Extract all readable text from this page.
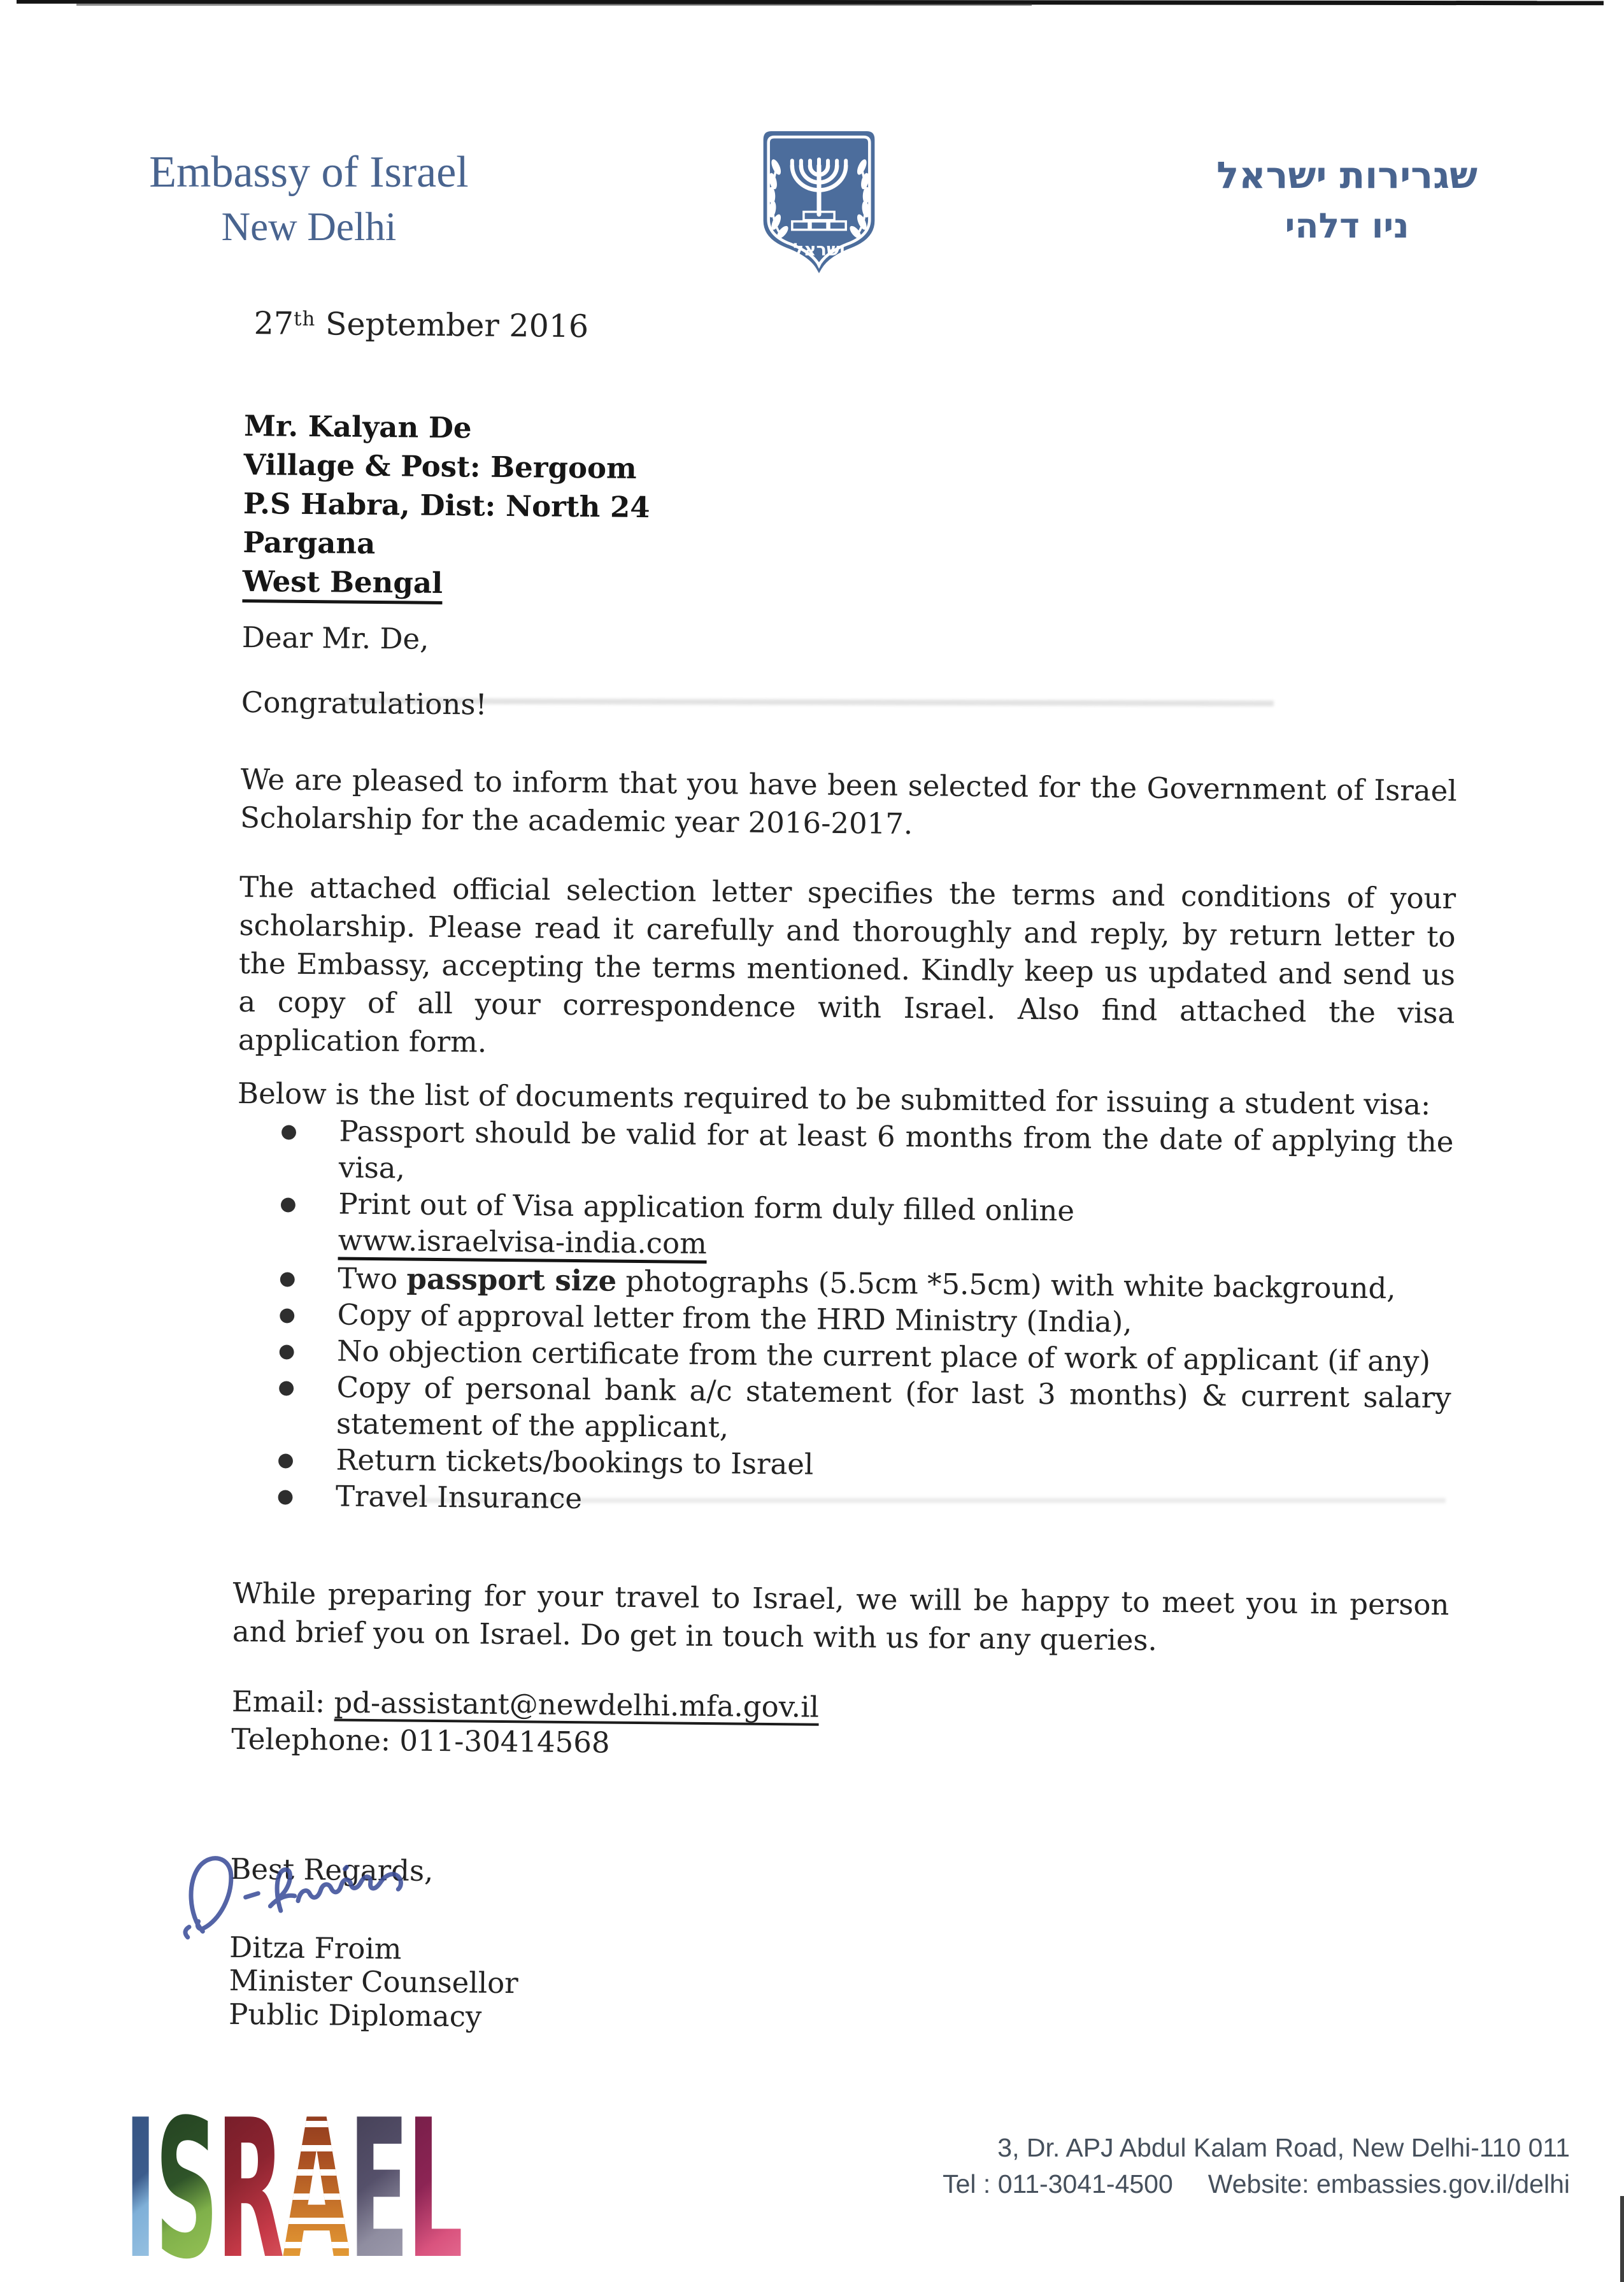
Embassy of Israel
New Delhi
ישראל
שגרירות ישראל
ניו דלהי
27th September 2016
Mr. Kalyan De
Village & Post: Bergoom
P.S Habra, Dist: North 24
Pargana
West Bengal
Dear Mr. De,
Congratulations!
We are pleased to inform that you have been selected for the Government of Israel
Scholarship for the academic year 2016-2017.
The attached official selection letter specifies the terms and conditions of your
scholarship. Please read it carefully and thoroughly and reply, by return letter to
the Embassy, accepting the terms mentioned. Kindly keep us updated and send us
a copy of all your correspondence with Israel. Also find attached the visa
application form.
Below is the list of documents required to be submitted for issuing a student visa:
● Passport should be valid for at least 6 months from the date of applying the
visa,
● Print out of Visa application form duly filled online
www.israelvisa-india.com
● Two passport size photographs (5.5cm *5.5cm) with white background,
● Copy of approval letter from the HRD Ministry (India),
● No objection certificate from the current place of work of applicant (if any)
● Copy of personal bank a/c statement (for last 3 months) & current salary
statement of the applicant,
● Return tickets/bookings to Israel
● Travel Insurance
While preparing for your travel to Israel, we will be happy to meet you in person
and brief you on Israel. Do get in touch with us for any queries.
Email: pd-assistant@newdelhi.mfa.gov.il
Telephone: 011-30414568
Best Regards,
Ditza Froim
Minister Counsellor
Public Diplomacy
ISRAEL	3, Dr. APJ Abdul Kalam Road, New Delhi-110 011
Tel : 011-3041-4500 Website: embassies.gov.il/delhi
